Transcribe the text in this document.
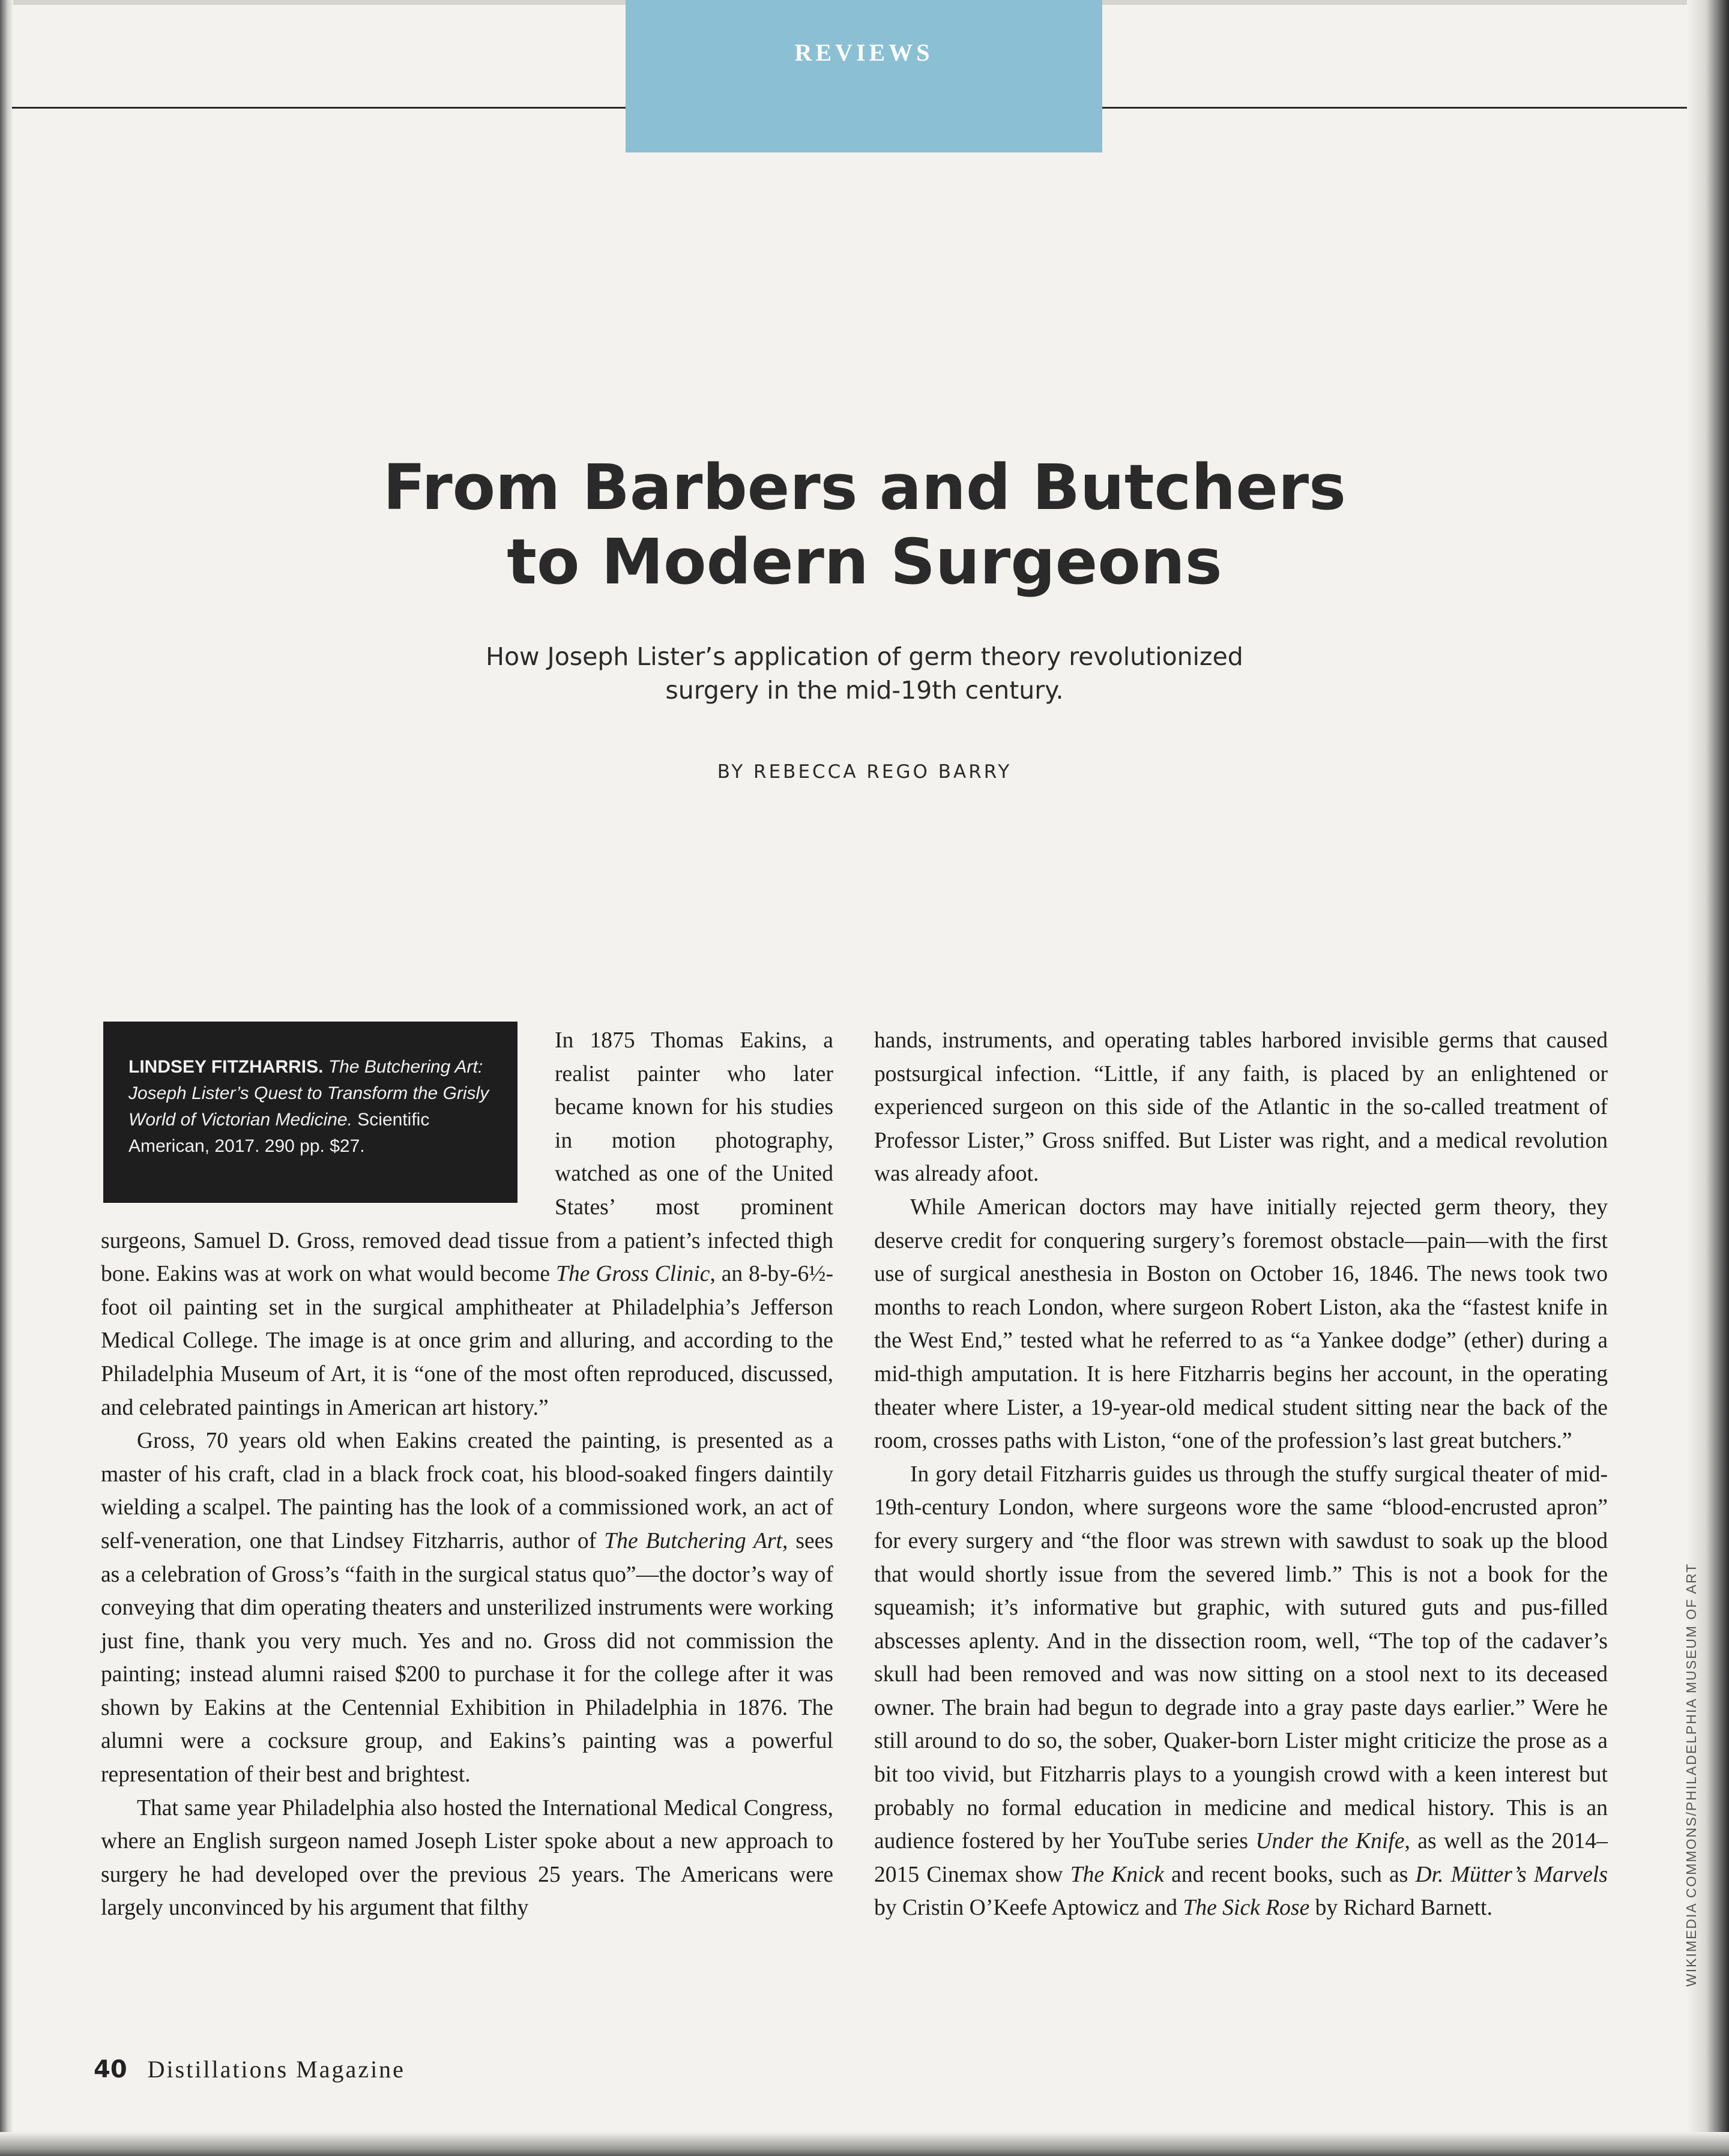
REVIEWS
From Barbers and Butchers
to Modern Surgeons

How Joseph Lister’s application of germ theory revolutionized
surgery in the mid-19th century.

BY REBECCA REGO BARRY
LINDSEY FITZHARRIS. The Butchering Art: Joseph Lister’s Quest to Transform the Grisly World of Victorian Medicine. Scientific American, 2017. 290 pp. $27.

In 1875 Thomas Eakins, a realist painter who later became known for his studies in motion photography, watched as one of the United States’ most prominent surgeons, Samuel D. Gross, removed dead tissue from a patient’s infected thigh bone. Eakins was at work on what would become The Gross Clinic, an 8-by-6½-foot oil painting set in the surgical amphitheater at Philadelphia’s Jefferson Medical College. The image is at once grim and alluring, and according to the Philadelphia Museum of Art, it is “one of the most often reproduced, discussed, and celebrated paintings in American art history.”

Gross, 70 years old when Eakins created the painting, is presented as a master of his craft, clad in a black frock coat, his blood-soaked fingers daintily wielding a scalpel. The painting has the look of a commissioned work, an act of self-veneration, one that Lindsey Fitzharris, author of The Butchering Art, sees as a celebration of Gross’s “faith in the surgical status quo”—the doctor’s way of conveying that dim operating theaters and unsterilized instruments were working just fine, thank you very much. Yes and no. Gross did not commission the painting; instead alumni raised $200 to purchase it for the college after it was shown by Eakins at the Centennial Exhibition in Philadelphia in 1876. The alumni were a cocksure group, and Eakins’s painting was a powerful representation of their best and brightest.

That same year Philadelphia also hosted the International Medical Congress, where an English surgeon named Joseph Lister spoke about a new approach to surgery he had developed over the previous 25 years. The Americans were largely unconvinced by his argument that filthy

hands, instruments, and operating tables harbored invisible germs that caused postsurgical infection. “Little, if any faith, is placed by an enlightened or experienced surgeon on this side of the Atlantic in the so-called treatment of Professor Lister,” Gross sniffed. But Lister was right, and a medical revolution was already afoot.

While American doctors may have initially rejected germ theory, they deserve credit for conquering surgery’s foremost obstacle—pain—with the first use of surgical anesthesia in Boston on October 16, 1846. The news took two months to reach London, where surgeon Robert Liston, aka the “fastest knife in the West End,” tested what he referred to as “a Yankee dodge” (ether) during a mid-thigh amputation. It is here Fitzharris begins her account, in the operating theater where Lister, a 19-year-old medical student sitting near the back of the room, crosses paths with Liston, “one of the profession’s last great butchers.”

In gory detail Fitzharris guides us through the stuffy surgical theater of mid-19th-century London, where surgeons wore the same “blood-encrusted apron” for every surgery and “the floor was strewn with sawdust to soak up the blood that would shortly issue from the severed limb.” This is not a book for the squeamish; it’s informative but graphic, with sutured guts and pus-filled abscesses aplenty. And in the dissection room, well, “The top of the cadaver’s skull had been removed and was now sitting on a stool next to its deceased owner. The brain had begun to degrade into a gray paste days earlier.” Were he still around to do so, the sober, Quaker-born Lister might criticize the prose as a bit too vivid, but Fitzharris plays to a youngish crowd with a keen interest but probably no formal education in medicine and medical history. This is an audience fostered by her YouTube series Under the Knife, as well as the 2014–2015 Cinemax show The Knick and recent books, such as Dr. Mütter’s Marvels by Cristin O’Keefe Aptowicz and The Sick Rose by Richard Barnett.	WIKIMEDIA COMMONS/PHILADELPHIA MUSEUM OF ART
40 Distillations Magazine
